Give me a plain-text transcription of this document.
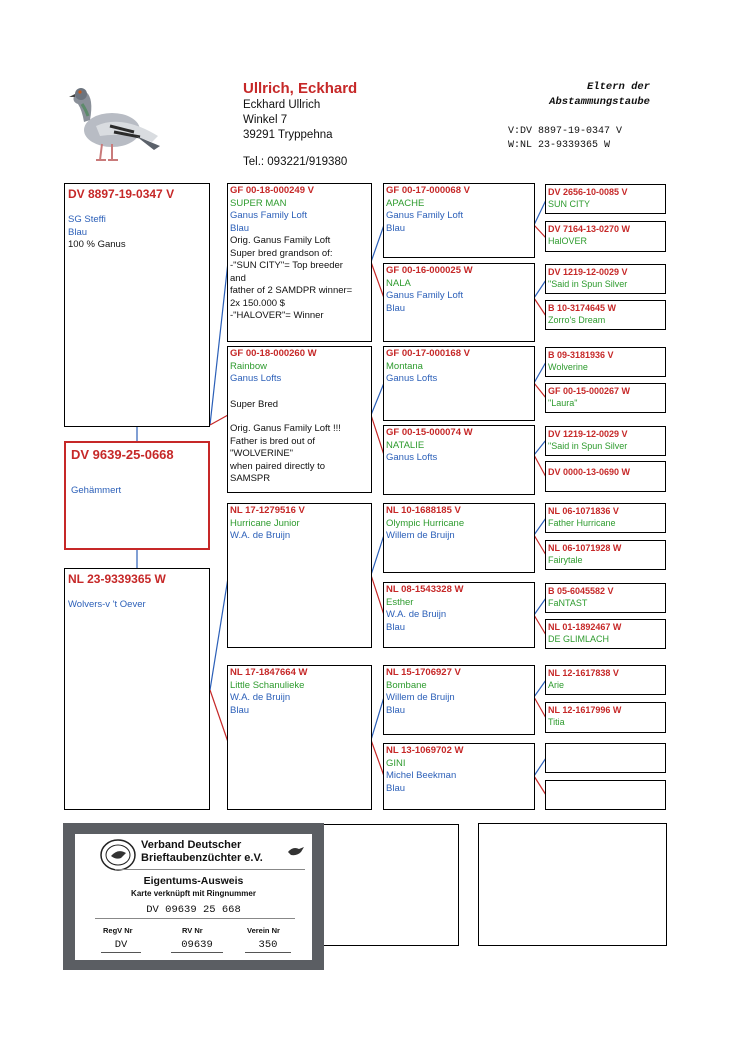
Ullrich, Eckhard
Eckhard Ullrich
Winkel 7
39291 Tryppehna
Tel.: 093221/919380
Eltern der
Abstammungstaube
V:DV 8897-19-0347 V
W:NL 23-9339365 W
DV 8897-19-0347 V
SG Steffi
Blau
100 % Ganus
DV 9639-25-0668
Gehämmert
NL 23-9339365 W
Wolvers-v 't Oever
GF 00-18-000249 V
SUPER MAN
Ganus Family Loft
Blau
Orig. Ganus Family Loft
Super bred grandson of:
-"SUN CITY"= Top breeder
and
father of 2 SAMDPR winner=
2x 150.000 $
-"HALOVER"= Winner
GF 00-18-000260 W
Rainbow
Ganus Lofts
Super Bred
Orig. Ganus Family Loft !!!
Father is bred out of
"WOLVERINE"
when paired directly to
SAMSPR
NL 17-1279516 V
Hurricane Junior
W.A. de Bruijn
NL 17-1847664 W
Little Schanulieke
W.A. de Bruijn
Blau
GF 00-17-000068 V
APACHE
Ganus Family Loft
Blau
GF 00-16-000025 W
NALA
Ganus Family Loft
Blau
GF 00-17-000168 V
Montana
Ganus Lofts
GF 00-15-000074 W
NATALIE
Ganus Lofts
NL 10-1688185 V
Olympic Hurricane
Willem de Bruijn
NL 08-1543328 W
Esther
W.A. de Bruijn
Blau
NL 15-1706927 V
Bombane
Willem de Bruijn
Blau
NL 13-1069702 W
GINI
Michel Beekman
Blau
DV 2656-10-0085 V
SUN CITY
DV 7164-13-0270 W
HalOVER
DV 1219-12-0029 V
"Said in Spun Silver
B 10-3174645 W
Zorro's Dream
B 09-3181936 V
Wolverine
GF 00-15-000267 W
"Laura"
DV 1219-12-0029 V
"Said in Spun Silver
DV 0000-13-0690 W
NL 06-1071836 V
Father Hurricane
NL 06-1071928 W
Fairytale
B 05-6045582 V
FaNTAST
NL 01-1892467 W
DE GLIMLACH
NL 12-1617838 V
Arie
NL 12-1617996 W
Titia
Verband Deutscher
Brieftaubenzüchter e.V.
Eigentums-Ausweis
Karte verknüpft mit Ringnummer
DV 09639 25 668
RegV Nr	RV Nr	Verein Nr
DV	09639	350
